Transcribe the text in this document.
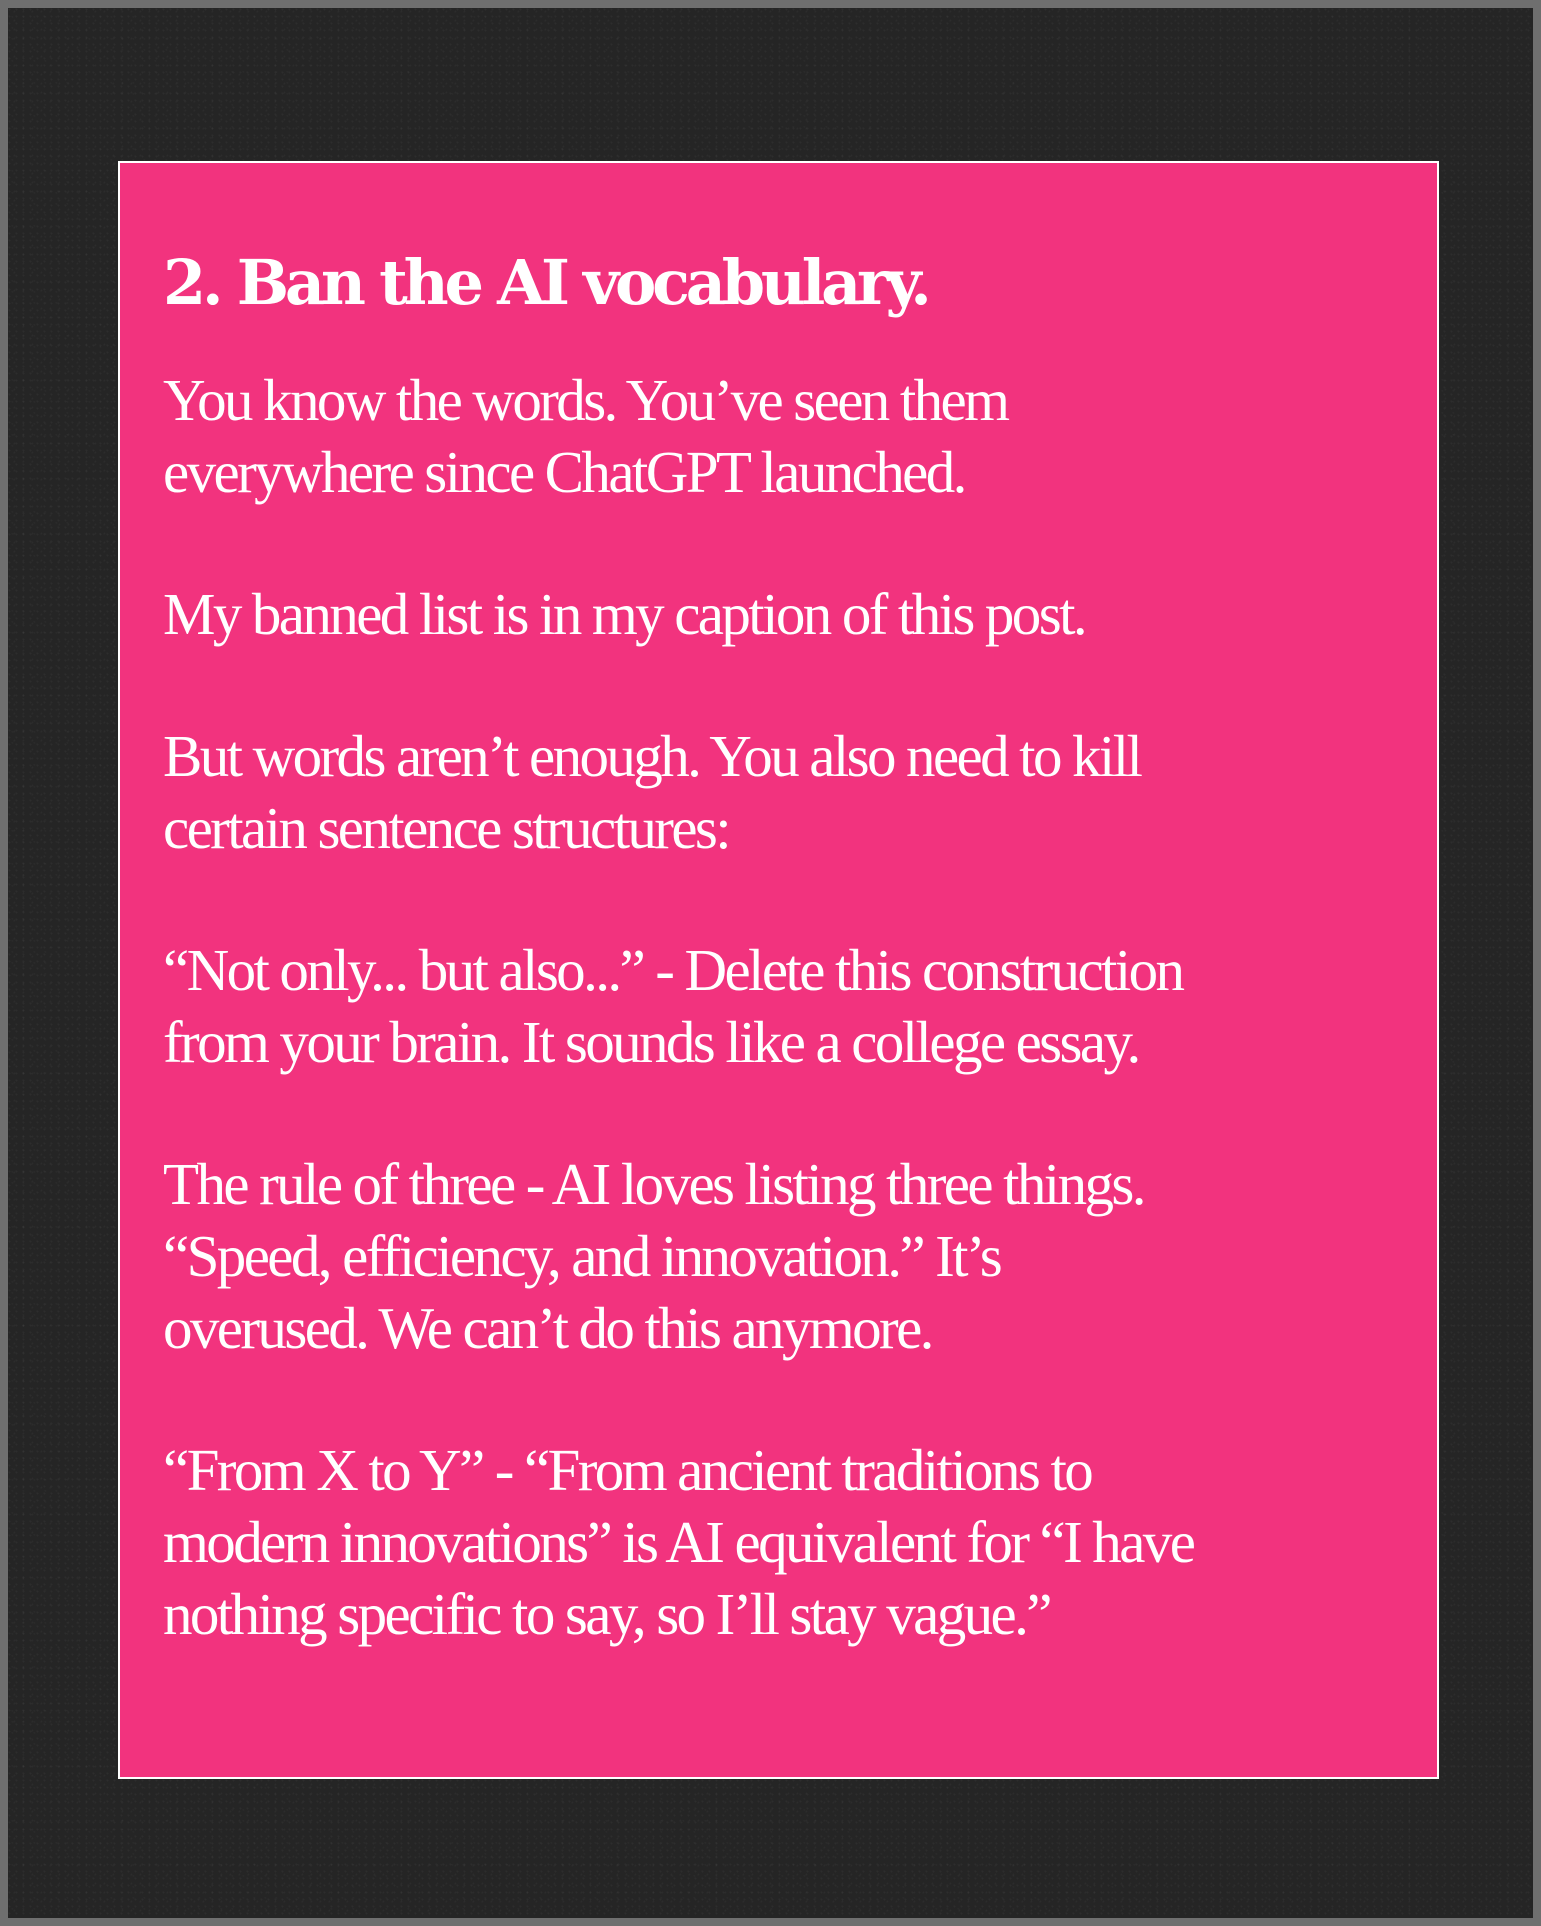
2. Ban the AI vocabulary.

You know the words. You’ve seen them
everywhere since ChatGPT launched.

My banned list is in my caption of this post.

But words aren’t enough. You also need to kill
certain sentence structures:

“Not only... but also...” - Delete this construction
from your brain. It sounds like a college essay.

The rule of three - AI loves listing three things.
“Speed, efficiency, and innovation.” It’s
overused. We can’t do this anymore.

“From X to Y” - “From ancient traditions to
modern innovations” is AI equivalent for “I have
nothing specific to say, so I’ll stay vague.”
